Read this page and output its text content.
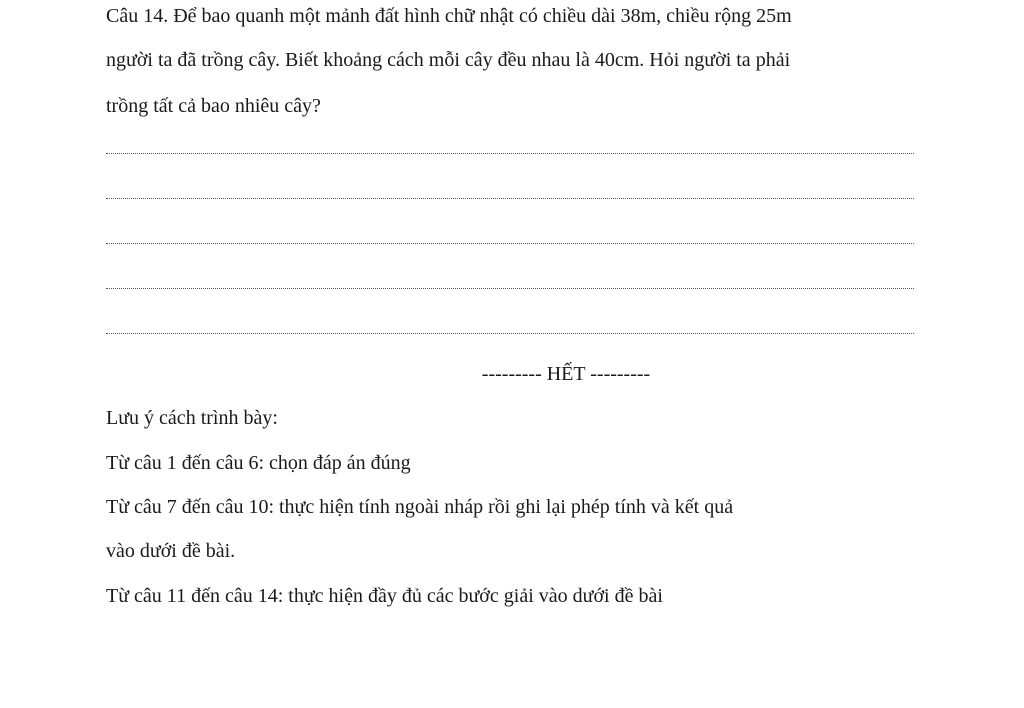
Câu 14. Để bao quanh một mảnh đất hình chữ nhật có chiều dài 38m, chiều rộng 25m
người ta đã trồng cây. Biết khoảng cách mỗi cây đều nhau là 40cm. Hỏi người ta phải
trồng tất cả bao nhiêu cây?
--------- HẾT ---------
Lưu ý cách trình bày:
Từ câu 1 đến câu 6: chọn đáp án đúng
Từ câu 7 đến câu 10: thực hiện tính ngoài nháp rồi ghi lại phép tính và kết quả
vào dưới đề bài.
Từ câu 11 đến câu 14: thực hiện đầy đủ các bước giải vào dưới đề bài
